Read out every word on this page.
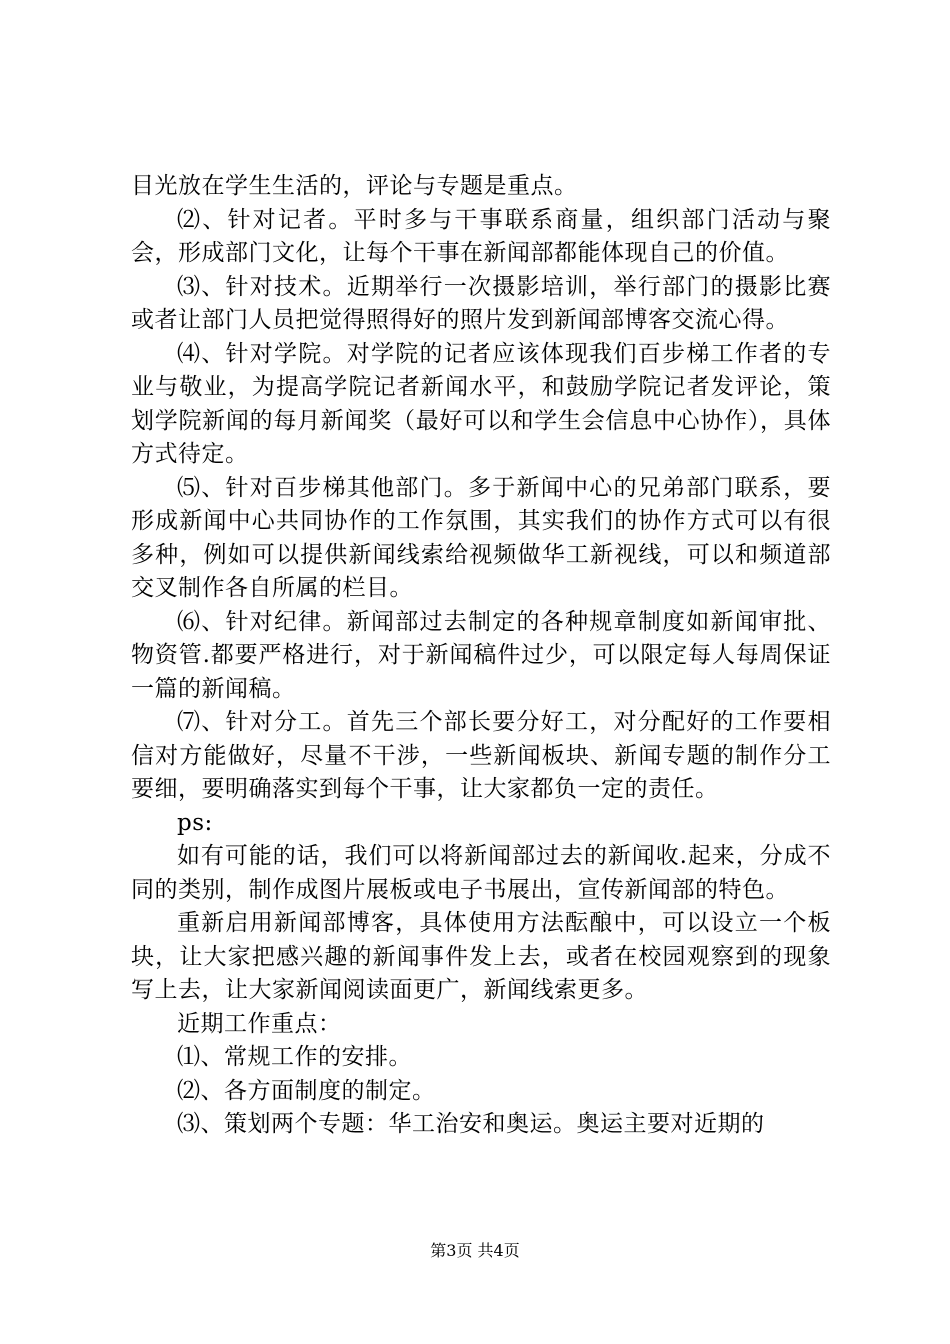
目光放在学生生活的，评论与专题是重点。

⑵、针对记者。平时多与干事联系商量，组织部门活动与聚会，形成部门文化，让每个干事在新闻部都能体现自己的价值。

⑶、针对技术。近期举行一次摄影培训，举行部门的摄影比赛或者让部门人员把觉得照得好的照片发到新闻部博客交流心得。

⑷、针对学院。对学院的记者应该体现我们百步梯工作者的专业与敬业，为提高学院记者新闻水平，和鼓励学院记者发评论，策划学院新闻的每月新闻奖（最好可以和学生会信息中心协作），具体方式待定。

⑸、针对百步梯其他部门。多于新闻中心的兄弟部门联系，要形成新闻中心共同协作的工作氛围，其实我们的协作方式可以有很多种，例如可以提供新闻线索给视频做华工新视线，可以和频道部交叉制作各自所属的栏目。

⑹、针对纪律。新闻部过去制定的各种规章制度如新闻审批、物资管.都要严格进行，对于新闻稿件过少，可以限定每人每周保证一篇的新闻稿。

⑺、针对分工。首先三个部长要分好工，对分配好的工作要相信对方能做好，尽量不干涉，一些新闻板块、新闻专题的制作分工要细，要明确落实到每个干事，让大家都负一定的责任。

ps:

如有可能的话，我们可以将新闻部过去的新闻收.起来，分成不同的类别，制作成图片展板或电子书展出，宣传新闻部的特色。

重新启用新闻部博客，具体使用方法酝酿中，可以设立一个板块，让大家把感兴趣的新闻事件发上去，或者在校园观察到的现象写上去，让大家新闻阅读面更广，新闻线索更多。

近期工作重点：

⑴、常规工作的安排。

⑵、各方面制度的制定。

⑶、策划两个专题：华工治安和奥运。奥运主要对近期的

第3页 共4页
